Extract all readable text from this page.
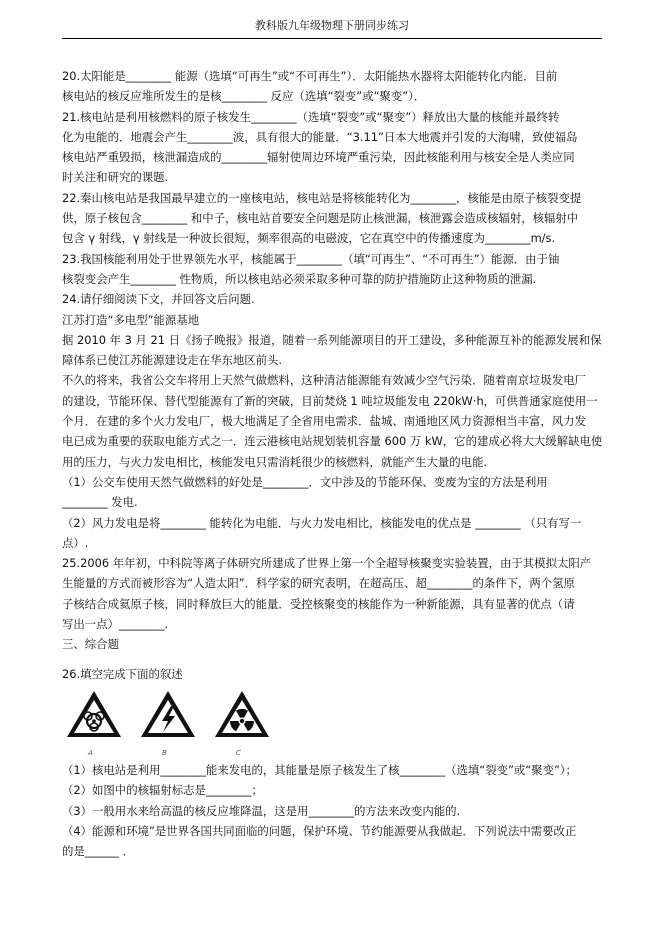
教科版九年级物理下册同步练习

20.太阳能是________ 能源（选填“可再生”或“不可再生”）．太阳能热水器将太阳能转化内能．目前

核电站的核反应堆所发生的是核________ 反应（选填“裂变”或“聚变”）．

21.核电站是利用核燃料的原子核发生________（选填“裂变”或“聚变”）释放出大量的核能并最终转

化为电能的．地震会产生________波，具有很大的能量．“3.11”日本大地震并引发的大海啸，致使福岛

核电站严重毁损，核泄漏造成的________辐射使周边环境严重污染，因此核能利用与核安全是人类应同

时关注和研究的课题.

22.秦山核电站是我国最早建立的一座核电站，核电站是将核能转化为________，核能是由原子核裂变提

供，原子核包含________ 和中子，核电站首要安全问题是防止核泄漏，核泄露会造成核辐射，核辐射中

包含 γ 射线，γ 射线是一种波长很短，频率很高的电磁波，它在真空中的传播速度为________m/s.

23.我国核能利用处于世界领先水平，核能属于________（填“可再生”、“不可再生”）能源．由于铀

核裂变会产生________ 性物质，所以核电站必须采取多种可靠的防护措施防止这种物质的泄漏.

24.请仔细阅读下文，并回答文后问题.

江苏打造“多电型”能源基地

据 2010 年 3 月 21 日《扬子晚报》报道，随着一系列能源项目的开工建设，多种能源互补的能源发展和保

障体系已使江苏能源建设走在华东地区前头.

不久的将来，我省公交车将用上天然气做燃料，这种清洁能源能有效减少空气污染．随着南京垃圾发电厂

的建设，节能环保、替代型能源有了新的突破，目前焚烧 1 吨垃圾能发电 220kW·h，可供普通家庭使用一

个月．在建的多个火力发电厂，极大地满足了全省用电需求．盐城、南通地区风力资源相当丰富，风力发

电已成为重要的获取电能方式之一．连云港核电站规划装机容量 600 万 kW，它的建成必将大大缓解缺电使

用的压力，与火力发电相比，核能发电只需消耗很少的核燃料，就能产生大量的电能.

（1）公交车使用天然气做燃料的好处是________．文中涉及的节能环保、变废为宝的方法是利用

________ 发电.

（2）风力发电是将________ 能转化为电能．与火力发电相比，核能发电的优点是 ________ （只有写一

点）.

25.2006 年年初，中科院等离子体研究所建成了世界上第一个全超导核聚变实验装置，由于其模拟太阳产

生能量的方式而被形容为“人造太阳”．科学家的研究表明，在超高压、超________的条件下，两个氢原

子核结合成氦原子核，同时释放巨大的能量．受控核聚变的核能作为一种新能源，具有显著的优点（请

写出一点）________.

三、综合题

26.填空完成下面的叙述

A	B	C

（1）核电站是利用________能来发电的，其能量是原子核发生了核________（选填“裂变”或“聚变”）；

（2）如图中的核辐射标志是________；

（3）一般用水来给高温的核反应堆降温，这是用________的方法来改变内能的.

（4）能源和环境”是世界各国共同面临的问题，保护环境、节约能源要从我做起．下列说法中需要改正

的是______ ．
